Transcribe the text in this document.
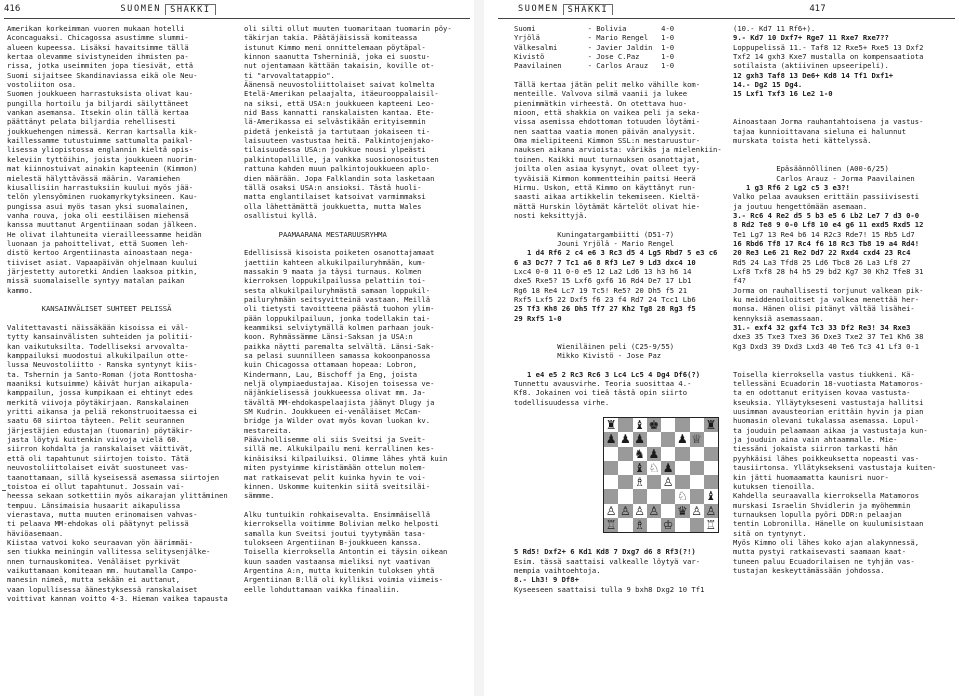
416	SUOMEN	SHAKKI
Amerikan korkeimman vuoren mukaan hotelli
Aconcaguaksi. Chicagossa asustimme slummi-
alueen kupeessa. Lisäksi havaitsimme tällä
kertaa olevamme sivistyneiden ihmisten pa-
rissa, jotka useimmiten jopa tiesivät, että
Suomi sijaitsee Skandinaviassa eikä ole Neu-
vostoliiton osa.
Suomen joukkueen harrastuksista olivat kau-
pungilla hortoilu ja biljardi säilyttäneet
vankan asemansa. Itsekin olin tällä kertaa
päättänyt pelata biljardia rehellisesti
joukkuehengen nimessä. Kerran kartsalla kik-
kaillessamme tutustuimme sattumalta paikal-
lisessa yliopistossa englannin kieltä opis-
keleviin tyttöihin, joista joukkueen nuorim-
mat kiinnostuivat ainakin kapteenin (Kimmon)
mielestä hälyttävässä määrin. Varamiehen
kiusallisiin harrastuksiin kuului myös jää-
telön ylensyöminen ruokamyrkytyksineen. Kau-
pungissa asui myös tasan yksi suomalainen,
vanha rouva, joka oli eestiläisen miehensä
kanssa muuttanut Argentiinaan sodan jälkeen.
He olivat ilahtuneita vierailleessamme heidän
luonaan ja pahoittelivat, että Suomen leh-
distö kertoo Argentiinasta ainoastaan nega-
tiiviset asiat. Vapaapäivän ohjelmaan kuului
järjestetty autoretki Andien laaksoa pitkin,
missä suomalaiselle syntyy matalan paikan
kammo.
KANSAINVÄLISET SUHTEET PELISSÄ
Valitettavasti näissäkään kisoissa ei väl-
tytty kansainvälisten suhteiden ja politii-
kan vaikutuksilta. Todelliseksi arvovalta-
kamppailuksi muodostui alkukilpailun otte-
lussa Neuvostoliitto - Ranska syntynyt kiis-
ta. Tshernin ja Santo-Roman (jota Ronttosha-
maaniksi kutsuimme) käivät hurjan aikapula-
kamppailun, jossa kumpikaan ei ehtinyt edes
merkitä viivoja pöytäkirjaan. Ranskalainen
yritti aikansa ja peliä rekonstruoitaessa ei
saatu 60 siirtoa täyteen. Pelit seurannen
järjestäjien edustajan (tuomarin) pöytäkir-
jasta löytyi kuitenkin viivoja vielä 60.
siirron kohdalta ja ranskalaiset väittivät,
että oli tapahtunut siirtojen toisto. Tätä
neuvostoliittolaiset eivät suostuneet vas-
taanottamaan, sillä kyseisessä asemassa siirtojen
toistoa ei ollut tapahtunut. Jossain vai-
heessa sekaan sotkettiin myös aikarajan ylittäminen
tempuu. Länsimaisia husaarit aikapulissa
vierastava, mutta muuten erinomaisen vahvas-
ti pelaava MM-ehdokas oli päätynyt pelissä
häviöasemaan.
Kiistaa vatvoi koko seuraavan yön äärimmäi-
sen tiukka meiningin vallitessa selitysenjälke-
nnen turnauskomitea. Venäläiset pyrkivät
vaikuttamaan komiteaan mm. huutamalla Campo-
manesin nimeä, mutta sekään ei auttanut,
vaan lopullisessa äänestyksessä ranskalaiset
voittivat kannan voitto 4-3. Hieman vaikea tapausta
oli silti ollut muuten tuomaritaan tuomarin pöy-
täkirjan takia. Päätäjäisissä komiteassa
istunut Kimmo meni onnittelemaan pöytäpal-
kinnon saanutta Tsherniniä, joka ei suostu-
nut ojentamaan kättään takaisin, koville ot-
ti "arvovaltatappio".
Äänensä neuvostoliittolaiset saivat kolmelta
Etelä-Amerikan pelaajalta, itäeurooppalaisil-
na siksi, että USA:n joukkueen kapteeni Leo-
nid Bass kannatti ranskalaisten kantaa. Ete-
lä-Amerikassa ei selvästikään erityisemmin
pidetä jenkeistä ja tartutaan jokaiseen ti-
laisuuteen vastustaa heitä. Palkintojenjako-
tilaisuudessa USA:n joukkue nousi ylpeästi
palkintopallille, ja vankka suosionosoitusten
rattuna kahden muun palkintojoukkueen aplo-
dien määrään. Jopa Falklandin sota lasketaan
tällä osaksi USA:n ansioksi. Tästä huoli-
matta englantilaiset katsoivat varmimmaksi
olla lähettämättä joukkuetta, mutta Wales
osallistui kyllä.
PAAMAARANA MESTARUUSRYHMA
Edellisissä kisoista poiketen osanottajamaat
jaettiin kahteen alkukilpailuryhmään, kum-
massakin 9 maata ja täysi turnaus. Kolmen
kierroksen loppukilpailussa pelattiin toi-
sesta alkukilpailuryhmästä samaan loppukil-
pailuryhmään seitsyvitteinä vastaan. Meillä
oli tietysti tavoitteena päästä tuohon ylim-
pään loppukilpailuun, jonka todellakin tai-
keammiksi selviytymällä kolmen parhaan jouk-
koon. Ryhmässämme Länsi-Saksan ja USA:n
paikka näytti paremalta selvältä. Länsi-Sak-
sa pelasi suunnilleen samassa kokoonpanossa
kuin Chicagossa ottamaan hopeaa: Lobron,
Kindermann, Lau, Bischoff ja Eng, joista
neljä olympiaedustajaa. Kisojen toisessa ve-
näjänkielisessä joukkueessa olivat mm. Ja-
tävältä MM-ehdokaspelaajista jäänyt Dlugy ja
SM Kudrin. Joukkueen ei-venäläiset McCam-
bridge ja Wilder ovat myös kovan luokan kv.
mestareita.
Päävihollisemme oli siis Sveitsi ja Sveit-
sillä me. Alkukilpailu meni kerrallinen kes-
kinäisiksi kilpailuiksi. Olimme lähes yhtä kuin
miten pystyimme kiristämään ottelun molem-
mat ratkaisevat pelit kuinka hyvin te voi-
kinnen. Uskomme kuitenkin siitä sveitsiläi-
sämmme.
Alku tuntuikin rohkaisevalta. Ensimmäisellä
kierroksella voitimme Bolivian melko helposti
samalla kun Sveitsi joutui tyytymään tasa-
tulokseen Argentiinan B-joukkueen kanssa.
Toisella kierroksella Antontin ei täysin oikean
kuun saaden vastaansa mieliksi nyt vaativan
Argentina A:n, mutta kuitenkin tuloksen yhtä
Argentiinan B:llä oli kylliksi voimia viimeis-
eelle lohduttamaan vaikka finaaliin.
SUOMEN	SHAKKI	417
Suomi            - Bolivia        4-0
Yrjölä           - Mario Rengel   1-0
Välkesalmi       - Javier Jaldin  1-0
Kivistö          - Jose C.Paz     1-0
Paavilainen      - Carlos Arauz   1-0
Tällä kertaa jätän pelit melko vähille kom-
menteille. Valvova silmä vaanii ja lukee
pienimmätkin virheestä. On otettava huo-
mioon, että shakkia on vaikea peli ja seka-
vissa asemissa ehdottoman totuuden löytämi-
nen saattaa vaatia monen päivän analyysit.
Oma mielipiteeni Kimmon SSL:n mestaruustur-
nauksen aikana arvioista: värikäs ja mielenkiin-
toinen. Kaikki muut turnauksen osanottajat,
joilta olen asiaa kysynyt, ovat olleet tyy-
tyväisiä Kimmon kommentteihin paitsi Heerä
Hirmu. Uskon, että Kimmo on käyttänyt run-
saasti aikaa artikkelin tekemiseen. Kieltä-
mättä Hurskin löytämät kärtelöt olivat hie-
nosti keksittyjä.
Kuningatargambiitti (D51-7)
Jouni Yrjölä - Mario Rengel
1 d4 Rf6 2 c4 e6 3 Rc3 d5 4 Lg5 Rbd7 5 e3 c6
6 a3 Dc7? 7 Tc1 a6 8 Rf3 Le7 9 Ld3 dxc4 10
Lxc4 0-0 11 0-0 e5 12 La2 Ld6 13 h3 h6 14
dxe5 Rxe5? 15 Lxf6 gxf6 16 Rd4 De7 17 Lb1
Rg6 18 Re4 Lc7 19 Tc5! Re5? 20 Dh5 f5 21
Rxf5 Lxf5 22 Dxf5 f6 23 f4 Rd7 24 Tcc1 Lb6
25 Tf3 Kh8 26 Dh5 Tf7 27 Kh2 Tg8 28 Rg3 f5
29 Rxf5 1-0
Wieniläinen peli (C25-9/55)
Mikko Kivistö - Jose Paz
1 e4 e5 2 Rc3 Rc6 3 Lc4 Lc5 4 Dg4 Df6(?)
Tunnettu avausvirhe. Teoria suosittaa 4.-
Kf8. Jokainen voi tieä tästä opin siirto
todellisuudessa virhe.
5 Rd5! Dxf2+ 6 Kd1 Kd8 7 Dxg7 d6 8 Rf3(?!)
Esim. tässä saattaisi valkealle löytyä var-
mempia vaihtoehtoja.
8.- Lh3! 9 Df8+
Kyseeseen saattaisi tulla 9 bxh8 Dxg2 10 Tf1
(10.- Kd7 11 Rf6+).
9.- Kd7 10 Dxf7+ Rge7 11 Rxe7 Rxe7??
Loppupelissä 11.- Taf8 12 Rxe5+ Rxe5 13 Dxf2
Txf2 14 gxh3 Kxe7 mustalla on kompensaatiota
sotilaista (aktiivinen upseeripeli).
12 gxh3 Taf8 13 De6+ Kd8 14 Tf1 Dxf1+
14.- Dg2 15 Dg4.
15 Lxf1 Txf3 16 Le2 1-0
Ainoastaan Jorma rauhantahtoisena ja vastus-
tajaa kunnioittavana sieluna ei halunnut
murskata toista heti kättelyssä.
Epäsäännöllinen (A00-6/25)
Carlos Arauz - Jorma Paavilainen
1 g3 Rf6 2 Lg2 c5 3 e3?!
Valko pelaa avauksen erittäin passiivisesti
ja joutuu hengettömään asemaan.
3.- Rc6 4 Re2 d5 5 b3 e5 6 Lb2 Le7 7 d3 0-0
8 Rd2 Te8 9 0-0 Lf8 10 e4 g6 11 exd5 Rxd5 12
Te1 Lg7 13 Re4 b6 14 R2c3 Rde7! 15 Rb5 Ld7
16 Rbd6 Tf8 17 Rc4 f6 18 Rc3 Tb8 19 a4 Rd4!
20 Re3 Le6 21 Re2 Dd7 22 Rxd4 cxd4 23 Rc4
Rd5 24 La3 Tfd8 25 Ld6 Tbc8 26 La3 Lf8 27
Lxf8 Txf8 28 h4 h5 29 bd2 Kg7 30 Kh2 Tfe8 31
f4?
Jorma on rauhallisesti torjunut valkean pik-
ku meiddenoiloitset ja valkea menettää her-
monsa. Hänen olisi pitänyt vältää lisähei-
kennyksiä asemassaan.
31.- exf4 32 gxf4 Tc3 33 Df2 Re3! 34 Rxe3
dxe3 35 Txe3 Txe3 36 Dxe3 Txe2 37 Te1 Kh6 38
Kg3 Dxd3 39 Dxd3 Lxd3 40 Te6 Tc3 41 Lf3 0-1
Toisella kierroksella vastus tiukkeni. Kä-
tellessäni Ecuadorin 18-vuotiasta Matamoros-
ta en odottanut erityisen kovaa vastusta-
kseuksia. Ylläytykseseni vastustaja hallitsi
uusimman avausteorian erittäin hyvin ja pian
huomasin olevani tukalassa asemassa. Lopul-
ta jouduin pelaamaan aikaa ja vastustaja kun-
ja jouduin aina vain ahtaammalle. Mie-
tiessäni jokaista siirron tarkasti hän
pyyhkäisi lähes poikkeuksetta nopeasti vas-
tausiirtonsa. Yllätyksekseni vastustaja kuiten-
kin jätti huomaamatta kaunisri nuor-
kutuksen tienoilla.
Kahdella seuraavalla kierroksella Matamoros
murskasi Israelin Shvidlerin ja myöhemmin
turnauksen lopulla pyöri DDR:n pelaajan
tentin Lobronilla. Hänelle on kuulumisistaan
sitä on tyntynyt.
Myös Kimmo oli lähes koko ajan alakynnessä,
mutta pystyi ratkaisevasti saamaan kaat-
tuneen paluu Ecuadorilaisen ne tyhjän vas-
tustajan keskeyttämässään johdossa.
♜ ♝ ♚	♜
♟ ♟ ♟	♟ ♕
♞ ♟
♝ ♘ ♟
♗ ♙
♘ ♝
♙ ♙ ♙ ♙ ♛ ♙ ♙
♖ ♗ ♔	♖
